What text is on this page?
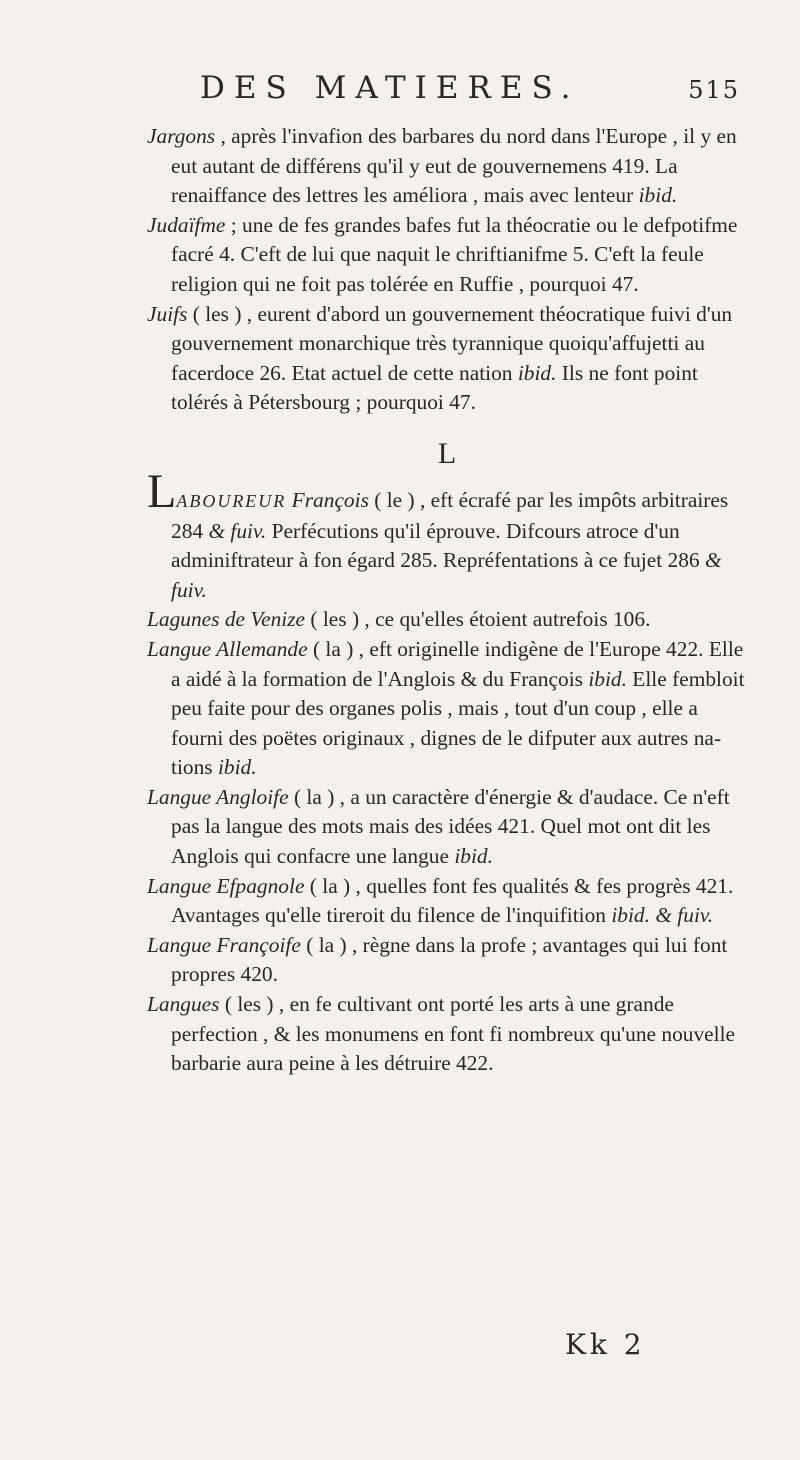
DES MATIERES.	515

Jargons , après l'invafion des barbares du nord dans l'Europe , il y en eut autant de différens qu'il y eut de gouvernemens 419. La renaiffance des lettres les améliora , mais avec lenteur ibid.

Judaïfme ; une de fes grandes bafes fut la théocratie ou le defpotifme facré 4. C'eft de lui que naquit le chriftianifme 5. C'eft la feule religion qui ne foit pas tolérée en Ruffie , pourquoi 47.

Juifs ( les ) , eurent d'abord un gouvernement théocratique fuivi d'un gouvernement monarchique très tyrannique quoiqu'affujetti au facerdoce 26. Etat actuel de cette nation ibid. Ils ne font point tolérés à Pétersbourg ; pourquoi 47.

L

LABOUREUR François ( le ) , eft écrafé par les impôts arbitraires 284 & fuiv. Perfécutions qu'il éprouve. Difcours atroce d'un adminiftrateur à fon égard 285. Repréfentations à ce fujet 286 & fuiv.

Lagunes de Venize ( les ) , ce qu'elles étoient autrefois 106.

Langue Allemande ( la ) , eft originelle indigène de l'Europe 422. Elle a aidé à la formation de l'Anglois & du François ibid. Elle fembloit peu faite pour des organes polis , mais , tout d'un coup , elle a fourni des poëtes originaux , dignes de le difputer aux autres nations ibid.

Langue Angloife ( la ) , a un caractère d'énergie & d'audace. Ce n'eft pas la langue des mots mais des idées 421. Quel mot ont dit les Anglois qui confacre une langue ibid.

Langue Efpagnole ( la ) , quelles font fes qualités & fes progrès 421. Avantages qu'elle tireroit du filence de l'inquifition ibid. & fuiv.

Langue Françoife ( la ) , règne dans la profe ; avantages qui lui font propres 420.

Langues ( les ) , en fe cultivant ont porté les arts à une grande perfection , & les monumens en font fi nombreux qu'une nouvelle barbarie aura peine à les détruire 422.

Kk 2
